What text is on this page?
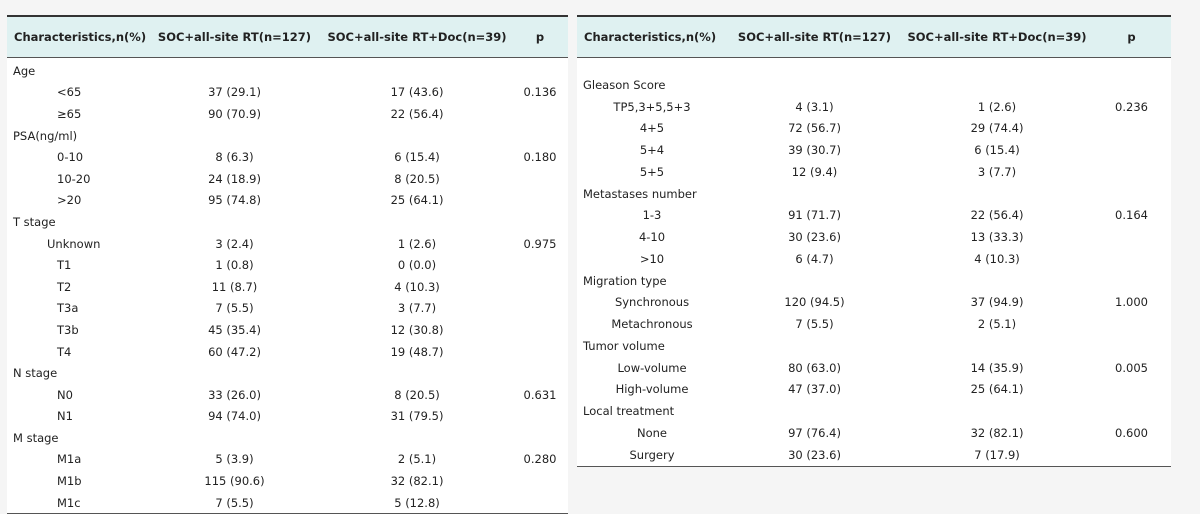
Characteristics,n(%)	SOC+all-site RT(n=127)	SOC+all-site RT+Doc(n=39)	p
Age			
<65	37 (29.1)	17 (43.6)	0.136
≥65	90 (70.9)	22 (56.4)	
PSA(ng/ml)			
0-10	8 (6.3)	6 (15.4)	0.180
10-20	24 (18.9)	8 (20.5)	
>20	95 (74.8)	25 (64.1)	
T stage			
Unknown	3 (2.4)	1 (2.6)	0.975
T1	1 (0.8)	0 (0.0)	
T2	11 (8.7)	4 (10.3)	
T3a	7 (5.5)	3 (7.7)	
T3b	45 (35.4)	12 (30.8)	
T4	60 (47.2)	19 (48.7)	
N stage			
N0	33 (26.0)	8 (20.5)	0.631
N1	94 (74.0)	31 (79.5)	
M stage			
M1a	5 (3.9)	2 (5.1)	0.280
M1b	115 (90.6)	32 (82.1)	
M1c	7 (5.5)	5 (12.8)	
Characteristics,n(%)	SOC+all-site RT(n=127)	SOC+all-site RT+Doc(n=39)	p

Gleason Score			
TP5,3+5,5+3	4 (3.1)	1 (2.6)	0.236
4+5	72 (56.7)	29 (74.4)	
5+4	39 (30.7)	6 (15.4)	
5+5	12 (9.4)	3 (7.7)	
Metastases number			
1-3	91 (71.7)	22 (56.4)	0.164
4-10	30 (23.6)	13 (33.3)	
>10	6 (4.7)	4 (10.3)	
Migration type			
Synchronous	120 (94.5)	37 (94.9)	1.000
Metachronous	7 (5.5)	2 (5.1)	
Tumor volume			
Low-volume	80 (63.0)	14 (35.9)	0.005
High-volume	47 (37.0)	25 (64.1)	
Local treatment			
None	97 (76.4)	32 (82.1)	0.600
Surgery	30 (23.6)	7 (17.9)	
